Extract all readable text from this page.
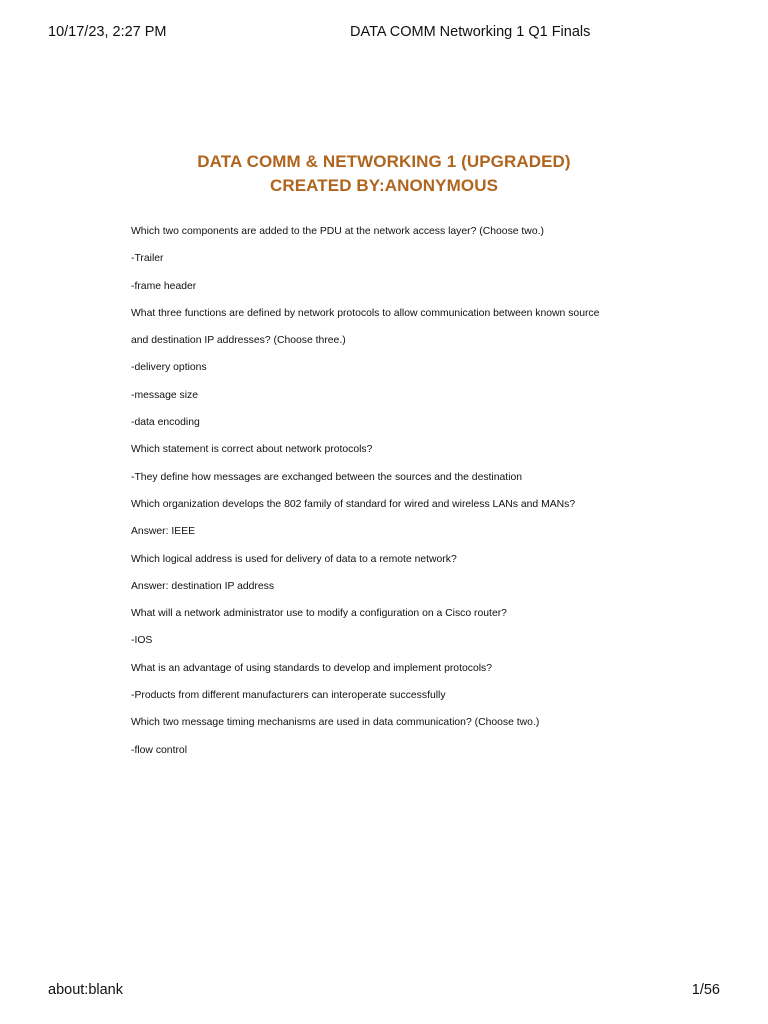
10/17/23, 2:27 PM	DATA COMM Networking 1 Q1 Finals
DATA COMM & NETWORKING 1 (UPGRADED)
CREATED BY:ANONYMOUS
Which two components are added to the PDU at the network access layer? (Choose two.)
-Trailer
-frame header
What three functions are defined by network protocols to allow communication between known source
and destination IP addresses? (Choose three.)
-delivery options
-message size
-data encoding
Which statement is correct about network protocols?
-They define how messages are exchanged between the sources and the destination
Which organization develops the 802 family of standard for wired and wireless LANs and MANs?
Answer: IEEE
Which logical address is used for delivery of data to a remote network?
Answer: destination IP address
What will a network administrator use to modify a configuration on a Cisco router?
-IOS
What is an advantage of using standards to develop and implement protocols?
-Products from different manufacturers can interoperate successfully
Which two message timing mechanisms are used in data communication? (Choose two.)
-flow control
about:blank	1/56
